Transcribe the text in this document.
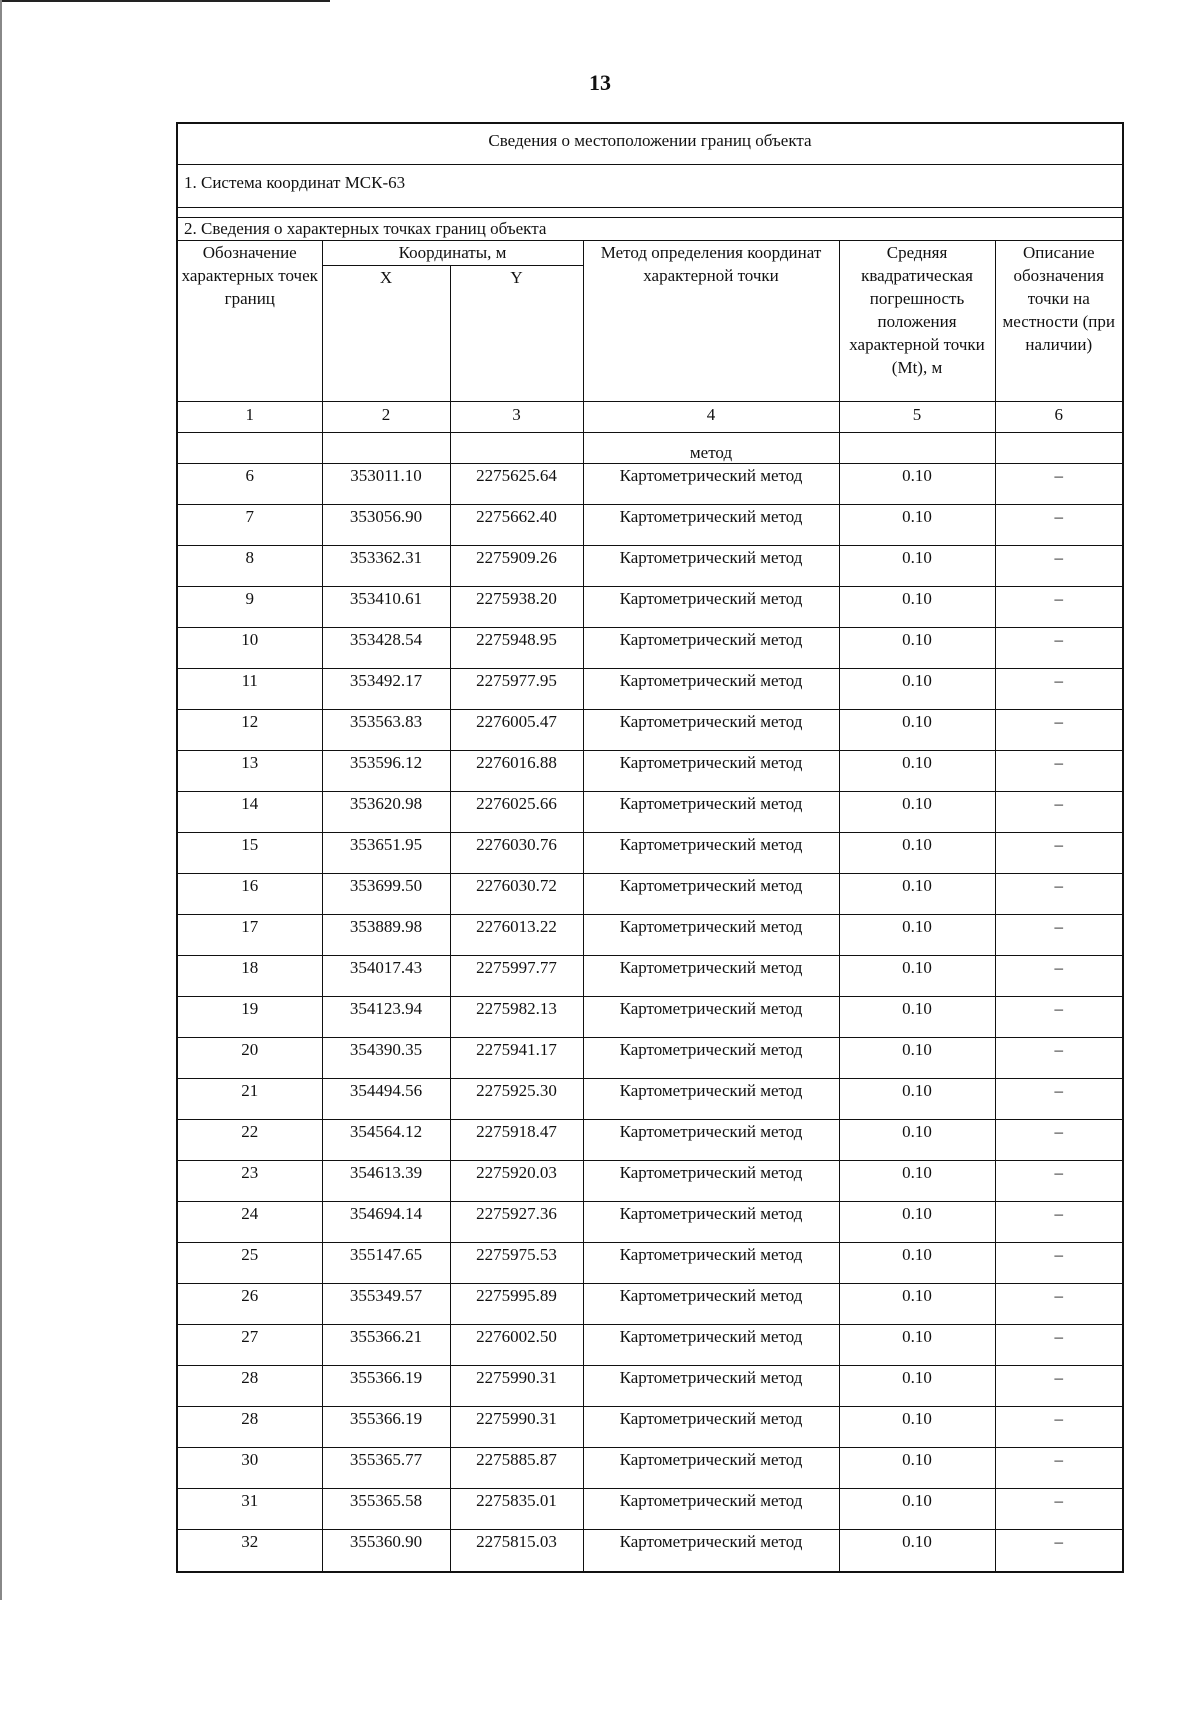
13
Сведения о местоположении границ объекта
1. Система координат МСК-63
2. Сведения о характерных точках границ объекта
Обозначение характерных точек границ	Координаты, м		Метод определения координат характерной точки	Средняя квадратическая погрешность положения характерной точки (Mt), м	Описание обозначения точки на местности (при наличии)
	X	Y			
1	2	3	4	5	6
			метод		
6	353011.10	2275625.64	Картометрический метод	0.10	–
7	353056.90	2275662.40	Картометрический метод	0.10	–
8	353362.31	2275909.26	Картометрический метод	0.10	–
9	353410.61	2275938.20	Картометрический метод	0.10	–
10	353428.54	2275948.95	Картометрический метод	0.10	–
11	353492.17	2275977.95	Картометрический метод	0.10	–
12	353563.83	2276005.47	Картометрический метод	0.10	–
13	353596.12	2276016.88	Картометрический метод	0.10	–
14	353620.98	2276025.66	Картометрический метод	0.10	–
15	353651.95	2276030.76	Картометрический метод	0.10	–
16	353699.50	2276030.72	Картометрический метод	0.10	–
17	353889.98	2276013.22	Картометрический метод	0.10	–
18	354017.43	2275997.77	Картометрический метод	0.10	–
19	354123.94	2275982.13	Картометрический метод	0.10	–
20	354390.35	2275941.17	Картометрический метод	0.10	–
21	354494.56	2275925.30	Картометрический метод	0.10	–
22	354564.12	2275918.47	Картометрический метод	0.10	–
23	354613.39	2275920.03	Картометрический метод	0.10	–
24	354694.14	2275927.36	Картометрический метод	0.10	–
25	355147.65	2275975.53	Картометрический метод	0.10	–
26	355349.57	2275995.89	Картометрический метод	0.10	–
27	355366.21	2276002.50	Картометрический метод	0.10	–
28	355366.19	2275990.31	Картометрический метод	0.10	–
28	355366.19	2275990.31	Картометрический метод	0.10	–
30	355365.77	2275885.87	Картометрический метод	0.10	–
31	355365.58	2275835.01	Картометрический метод	0.10	–
32	355360.90	2275815.03	Картометрический метод	0.10	–
